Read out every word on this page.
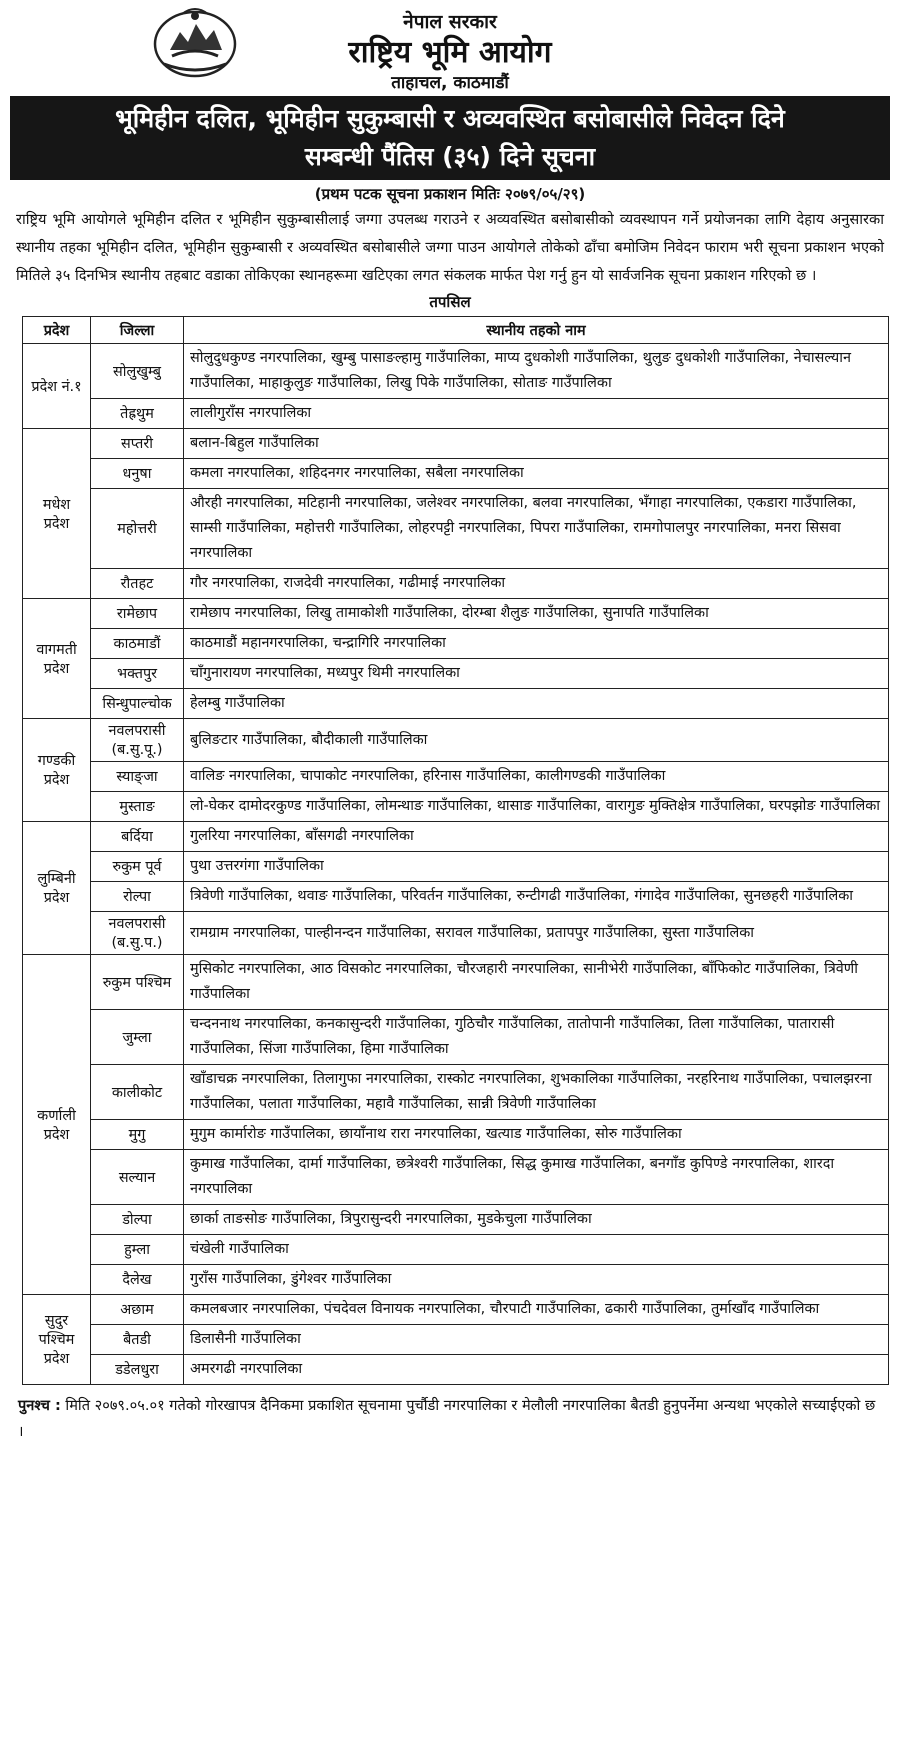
नेपाल सरकार
राष्ट्रिय भूमि आयोग
ताहाचल, काठमाडौं
भूमिहीन दलित, भूमिहीन सुकुम्बासी र अव्यवस्थित बसोबासीले निवेदन दिने
सम्बन्धी पैंतिस (३५) दिने सूचना
(प्रथम पटक सूचना प्रकाशन मितिः २०७९/०५/२९)
राष्ट्रिय भूमि आयोगले भूमिहीन दलित र भूमिहीन सुकुम्बासीलाई जग्गा उपलब्ध गराउने र अव्यवस्थित बसोबासीको व्यवस्थापन गर्ने प्रयोजनका लागि देहाय अनुसारका स्थानीय तहका भूमिहीन दलित, भूमिहीन सुकुम्बासी र अव्यवस्थित बसोबासीले जग्गा पाउन आयोगले तोकेको ढाँचा बमोजिम निवेदन फाराम भरी सूचना प्रकाशन भएको मितिले ३५ दिनभित्र स्थानीय तहबाट वडाका तोकिएका स्थानहरूमा खटिएका लगत संकलक मार्फत पेश गर्नु हुन यो सार्वजनिक सूचना प्रकाशन गरिएको छ ।
तपसिल
प्रदेश	जिल्ला	स्थानीय तहको नाम
प्रदेश नं.१	सोलुखुम्बु	सोलुदुधकुण्ड नगरपालिका, खुम्बु पासाङल्हामु गाउँपालिका, माप्य दुधकोशी गाउँपालिका, थुलुङ दुधकोशी गाउँपालिका, नेचासल्यान गाउँपालिका, माहाकुलुङ गाउँपालिका, लिखु पिके गाउँपालिका, सोताङ गाउँपालिका
	तेह्रथुम	लालीगुराँस नगरपालिका
मधेश प्रदेश	सप्तरी	बलान-बिहुल गाउँपालिका
	धनुषा	कमला नगरपालिका, शहिदनगर नगरपालिका, सबैला नगरपालिका
	महोत्तरी	औरही नगरपालिका, मटिहानी नगरपालिका, जलेश्वर नगरपालिका, बलवा नगरपालिका, भँगाहा नगरपालिका, एकडारा गाउँपालिका, साम्सी गाउँपालिका, महोत्तरी गाउँपालिका, लोहरपट्टी नगरपालिका, पिपरा गाउँपालिका, रामगोपालपुर नगरपालिका, मनरा सिसवा नगरपालिका
	रौतहट	गौर नगरपालिका, राजदेवी नगरपालिका, गढीमाई नगरपालिका
वागमती प्रदेश	रामेछाप	रामेछाप नगरपालिका, लिखु तामाकोशी गाउँपालिका, दोरम्बा शैलुङ गाउँपालिका, सुनापति गाउँपालिका
	काठमाडौं	काठमाडौं महानगरपालिका, चन्द्रागिरि नगरपालिका
	भक्तपुर	चाँगुनारायण नगरपालिका, मध्यपुर थिमी नगरपालिका
	सिन्धुपाल्चोक	हेलम्बु गाउँपालिका
गण्डकी प्रदेश	नवलपरासी (ब.सु.पू.)	बुलिङटार गाउँपालिका, बौदीकाली गाउँपालिका
	स्याङ्जा	वालिङ नगरपालिका, चापाकोट नगरपालिका, हरिनास गाउँपालिका, कालीगण्डकी गाउँपालिका
	मुस्ताङ	लो-घेकर दामोदरकुण्ड गाउँपालिका, लोमन्थाङ गाउँपालिका, थासाङ गाउँपालिका, वारागुङ मुक्तिक्षेत्र गाउँपालिका, घरपझोङ गाउँपालिका
लुम्बिनी प्रदेश	बर्दिया	गुलरिया नगरपालिका, बाँसगढी नगरपालिका
	रुकुम पूर्व	पुथा उत्तरगंगा गाउँपालिका
	रोल्पा	त्रिवेणी गाउँपालिका, थवाङ गाउँपालिका, परिवर्तन गाउँपालिका, रुन्टीगढी गाउँपालिका, गंगादेव गाउँपालिका, सुनछहरी गाउँपालिका
	नवलपरासी (ब.सु.प.)	रामग्राम नगरपालिका, पाल्हीनन्दन गाउँपालिका, सरावल गाउँपालिका, प्रतापपुर गाउँपालिका, सुस्ता गाउँपालिका
कर्णाली प्रदेश	रुकुम पश्चिम	मुसिकोट नगरपालिका, आठ विसकोट नगरपालिका, चौरजहारी नगरपालिका, सानीभेरी गाउँपालिका, बाँफिकोट गाउँपालिका, त्रिवेणी गाउँपालिका
	जुम्ला	चन्दननाथ नगरपालिका, कनकासुन्दरी गाउँपालिका, गुठिचौर गाउँपालिका, तातोपानी गाउँपालिका, तिला गाउँपालिका, पातारासी गाउँपालिका, सिंजा गाउँपालिका, हिमा गाउँपालिका
	कालीकोट	खाँडाचक्र नगरपालिका, तिलागुफा नगरपालिका, रास्कोट नगरपालिका, शुभकालिका गाउँपालिका, नरहरिनाथ गाउँपालिका, पचालझरना गाउँपालिका, पलाता गाउँपालिका, महावै गाउँपालिका, सान्नी त्रिवेणी गाउँपालिका
	मुगु	मुगुम कार्मारोङ गाउँपालिका, छायाँनाथ रारा नगरपालिका, खत्याड गाउँपालिका, सोरु गाउँपालिका
	सल्यान	कुमाख गाउँपालिका, दार्मा गाउँपालिका, छत्रेश्वरी गाउँपालिका, सिद्ध कुमाख गाउँपालिका, बनगाँड कुपिण्डे नगरपालिका, शारदा नगरपालिका
	डोल्पा	छार्का ताङसोङ गाउँपालिका, त्रिपुरासुन्दरी नगरपालिका, मुडकेचुला गाउँपालिका
	हुम्ला	चंखेली गाउँपालिका
	दैलेख	गुराँस गाउँपालिका, डुंगेश्वर गाउँपालिका
सुदुर पश्चिम प्रदेश	अछाम	कमलबजार नगरपालिका, पंचदेवल विनायक नगरपालिका, चौरपाटी गाउँपालिका, ढकारी गाउँपालिका, तुर्माखाँद गाउँपालिका
	बैतडी	डिलासैनी गाउँपालिका
	डडेलधुरा	अमरगढी नगरपालिका
पुनश्च : मिति २०७९.०५.०१ गतेको गोरखापत्र दैनिकमा प्रकाशित सूचनामा पुर्चौडी नगरपालिका र मेलौली नगरपालिका बैतडी हुनुपर्नेमा अन्यथा भएकोले सच्याईएको छ ।
